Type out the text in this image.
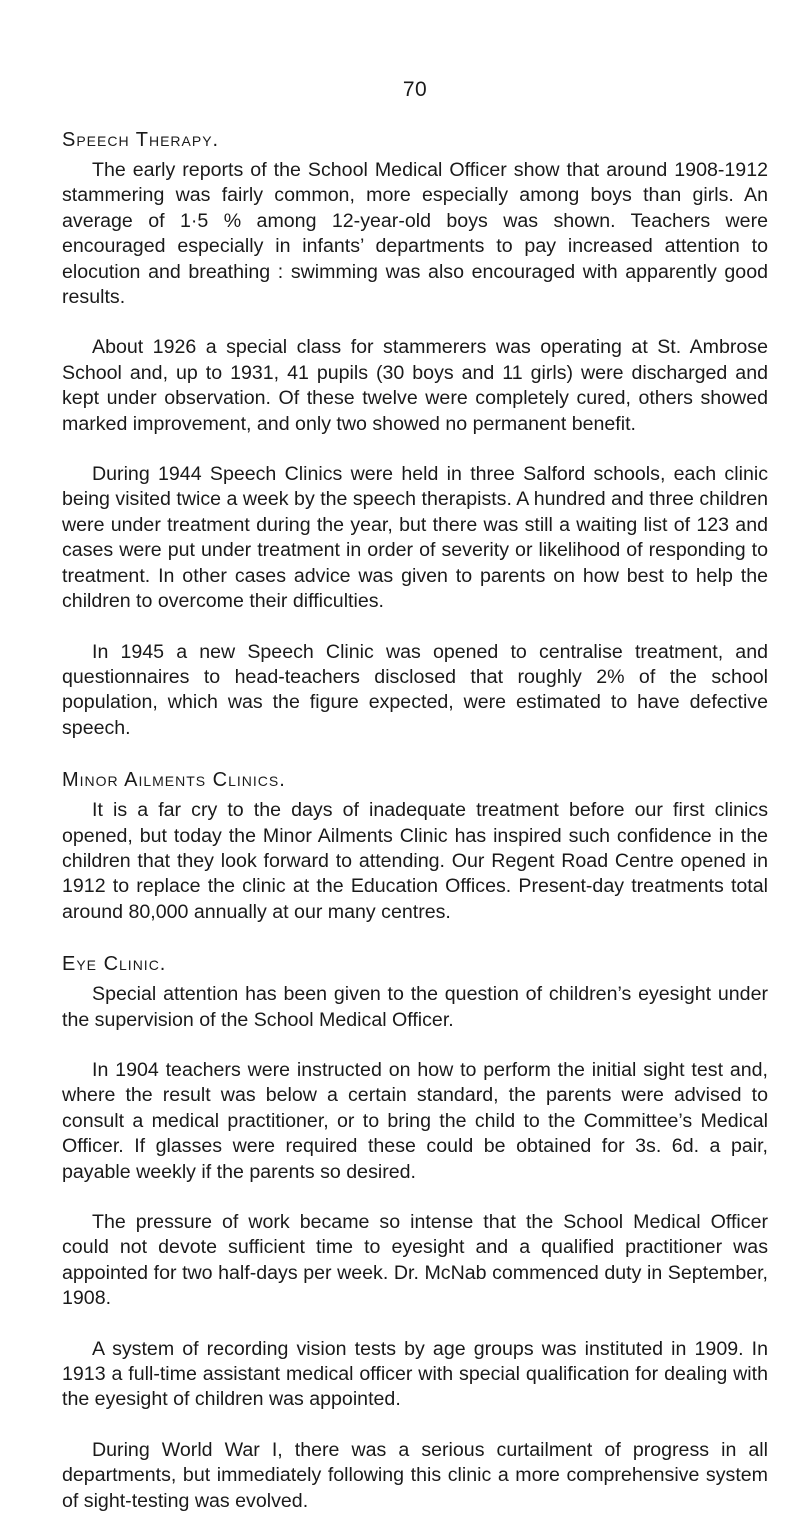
70
Speech Therapy.

The early reports of the School Medical Officer show that around 1908-1912 stammering was fairly common, more especially among boys than girls. An average of 1·5 % among 12-year-old boys was shown. Teachers were encouraged especially in infants’ departments to pay increased attention to elocution and breathing : swimming was also encouraged with apparently good results.

About 1926 a special class for stammerers was operating at St. Ambrose School and, up to 1931, 41 pupils (30 boys and 11 girls) were discharged and kept under observation. Of these twelve were completely cured, others showed marked improvement, and only two showed no permanent benefit.

During 1944 Speech Clinics were held in three Salford schools, each clinic being visited twice a week by the speech therapists. A hundred and three children were under treatment during the year, but there was still a waiting list of 123 and cases were put under treatment in order of severity or likelihood of responding to treatment. In other cases advice was given to parents on how best to help the children to overcome their difficulties.

In 1945 a new Speech Clinic was opened to centralise treatment, and questionnaires to head-teachers disclosed that roughly 2% of the school population, which was the figure expected, were estimated to have defective speech.

Minor Ailments Clinics.

It is a far cry to the days of inadequate treatment before our first clinics opened, but today the Minor Ailments Clinic has inspired such confidence in the children that they look forward to attending. Our Regent Road Centre opened in 1912 to replace the clinic at the Education Offices. Present-day treatments total around 80,000 annually at our many centres.

Eye Clinic.

Special attention has been given to the question of children’s eyesight under the supervision of the School Medical Officer.

In 1904 teachers were instructed on how to perform the initial sight test and, where the result was below a certain standard, the parents were advised to consult a medical practitioner, or to bring the child to the Committee’s Medical Officer. If glasses were required these could be obtained for 3s. 6d. a pair, payable weekly if the parents so desired.

The pressure of work became so intense that the School Medical Officer could not devote sufficient time to eyesight and a qualified practitioner was appointed for two half-days per week. Dr. McNab commenced duty in September, 1908.

A system of recording vision tests by age groups was instituted in 1909. In 1913 a full-time assistant medical officer with special qualification for dealing with the eyesight of children was appointed.

During World War I, there was a serious curtailment of progress in all departments, but immediately following this clinic a more comprehensive system of sight-testing was evolved.
